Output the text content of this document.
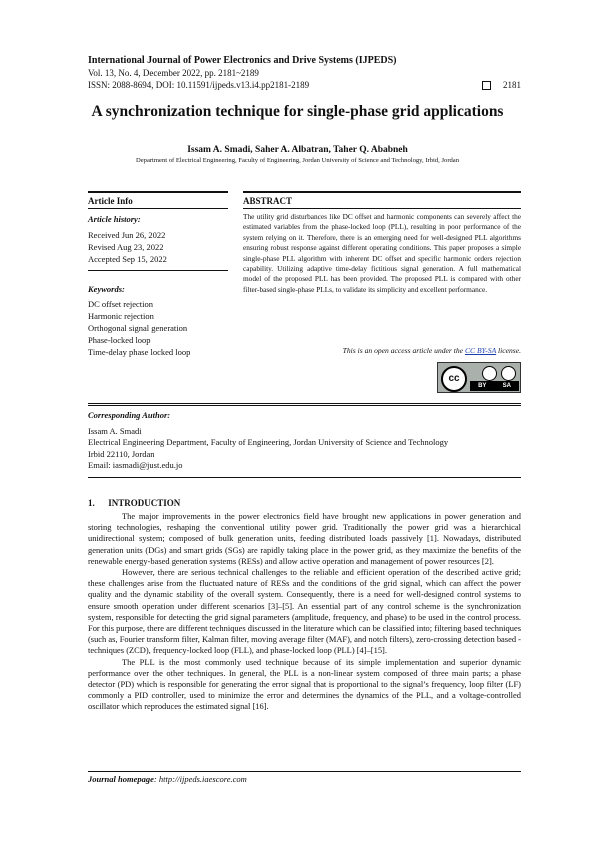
International Journal of Power Electronics and Drive Systems (IJPEDS)
Vol. 13, No. 4, December 2022, pp. 2181~2189
ISSN: 2088-8694, DOI: 10.11591/ijpeds.v13.i4.pp2181-2189	2181
A synchronization technique for single-phase grid applications
Issam A. Smadi, Saher A. Albatran, Taher Q. Ababneh
Department of Electrical Engineering, Faculty of Engineering, Jordan University of Science and Technology, Irbid, Jordan
Article Info	ABSTRACT
Article history:
Received Jun 26, 2022
Revised Aug 23, 2022
Accepted Sep 15, 2022
Keywords:
DC offset rejection
Harmonic rejection
Orthogonal signal generation
Phase-locked loop
Time-delay phase locked loop
The utility grid disturbances like DC offset and harmonic components can severely affect the estimated variables from the phase-locked loop (PLL), resulting in poor performance of the system relying on it. Therefore, there is an emerging need for well-designed PLL algorithms ensuring robust response against different operating conditions. This paper proposes a simple single-phase PLL algorithm with inherent DC offset and specific harmonic orders rejection capability. Utilizing adaptive time-delay fictitious signal generation. A full mathematical model of the proposed PLL has been provided. The proposed PLL is compared with other filter-based single-phase PLLs, to validate its simplicity and excellent performance.
This is an open access article under the CC BY-SA license.
cc
BY	SA
Corresponding Author:
Issam A. Smadi
Electrical Engineering Department, Faculty of Engineering, Jordan University of Science and Technology
Irbid 22110, Jordan
Email: iasmadi@just.edu.jo
1.      INTRODUCTION

The major improvements in the power electronics field have brought new applications in power generation and storing technologies, reshaping the conventional utility power grid. Traditionally the power grid was a hierarchical unidirectional system; composed of bulk generation units, feeding distributed loads passively [1]. Nowadays, distributed generation units (DGs) and smart grids (SGs) are rapidly taking place in the power grid, as they maximize the benefits of the renewable energy-based generation systems (RESs) and allow active operation and management of power resources [2].

However, there are serious technical challenges to the reliable and efficient operation of the described active grid; these challenges arise from the fluctuated nature of RESs and the conditions of the grid signal, which can affect the power quality and the dynamic stability of the overall system. Consequently, there is a need for well-designed control systems to ensure smooth operation under different scenarios [3]–[5]. An essential part of any control scheme is the synchronization system, responsible for detecting the grid signal parameters (amplitude, frequency, and phase) to be used in the control process. For this purpose, there are different techniques discussed in the literature which can be classified into; filtering based techniques (such as, Fourier transform filter, Kalman filter, moving average filter (MAF), and notch filters), zero-crossing detection based -techniques (ZCD), frequency-locked loop (FLL), and phase-locked loop (PLL) [4]–[15].

The PLL is the most commonly used technique because of its simple implementation and superior dynamic performance over the other techniques. In general, the PLL is a non-linear system composed of three main parts; a phase detector (PD) which is responsible for generating the error signal that is proportional to the signal’s frequency, loop filter (LF) commonly a PID controller, used to minimize the error and determines the dynamics of the PLL, and a voltage-controlled oscillator which reproduces the estimated signal [16].

Journal homepage: http://ijpeds.iaescore.com
